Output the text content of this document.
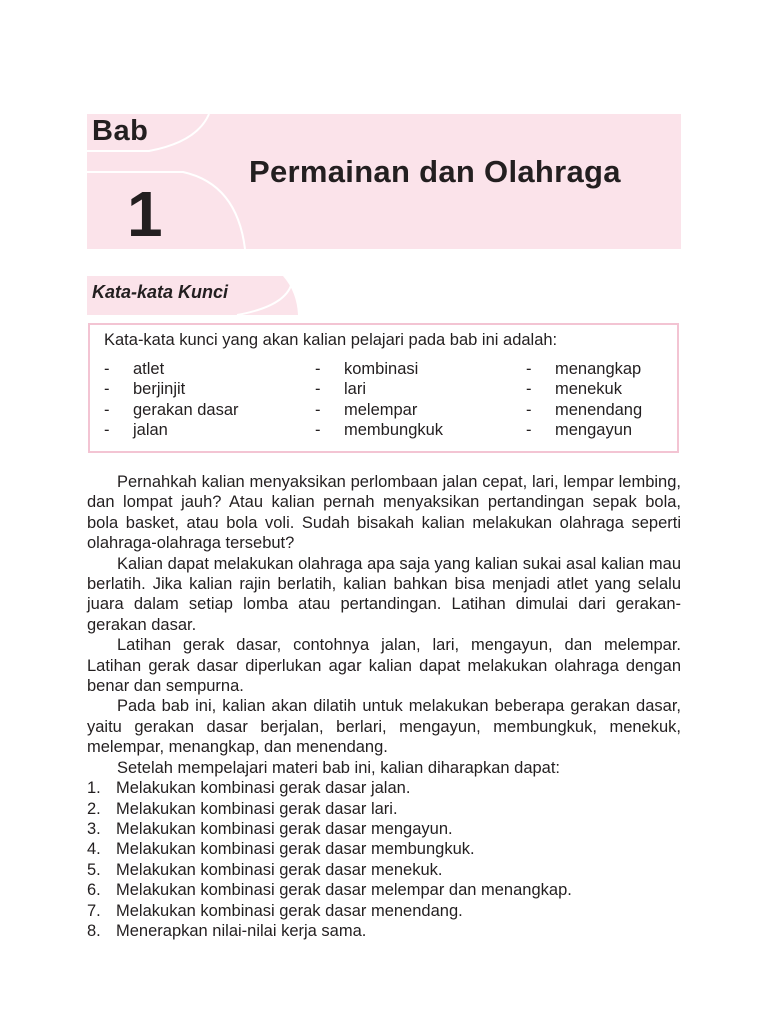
Bab
1
Permainan dan Olahraga
Kata-kata Kunci
Kata-kata kunci yang akan kalian pelajari pada bab ini adalah:
- atlet
- berjinjit
- gerakan dasar
- jalan
- kombinasi
- lari
- melempar
- membungkuk
- menangkap
- menekuk
- menendang
- mengayun

Pernahkah kalian menyaksikan perlombaan jalan cepat, lari, lempar lembing, dan lompat jauh? Atau kalian pernah menyaksikan pertandingan sepak bola, bola basket, atau bola voli. Sudah bisakah kalian melakukan olahraga seperti olahraga-olahraga tersebut?

Kalian dapat melakukan olahraga apa saja yang kalian sukai asal kalian mau berlatih. Jika kalian rajin berlatih, kalian bahkan bisa menjadi atlet yang selalu juara dalam setiap lomba atau pertandingan. Latihan dimulai dari gerakan-gerakan dasar.

Latihan gerak dasar, contohnya jalan, lari, mengayun, dan melempar. Latihan gerak dasar diperlukan agar kalian dapat melakukan olahraga dengan benar dan sempurna.

Pada bab ini, kalian akan dilatih untuk melakukan beberapa gerakan dasar, yaitu gerakan dasar berjalan, berlari, mengayun, membungkuk, menekuk, melempar, menangkap, dan menendang.

Setelah mempelajari materi bab ini, kalian diharapkan dapat:

1. Melakukan kombinasi gerak dasar jalan.
2. Melakukan kombinasi gerak dasar lari.
3. Melakukan kombinasi gerak dasar mengayun.
4. Melakukan kombinasi gerak dasar membungkuk.
5. Melakukan kombinasi gerak dasar menekuk.
6. Melakukan kombinasi gerak dasar melempar dan menangkap.
7. Melakukan kombinasi gerak dasar menendang.
8. Menerapkan nilai-nilai kerja sama.
